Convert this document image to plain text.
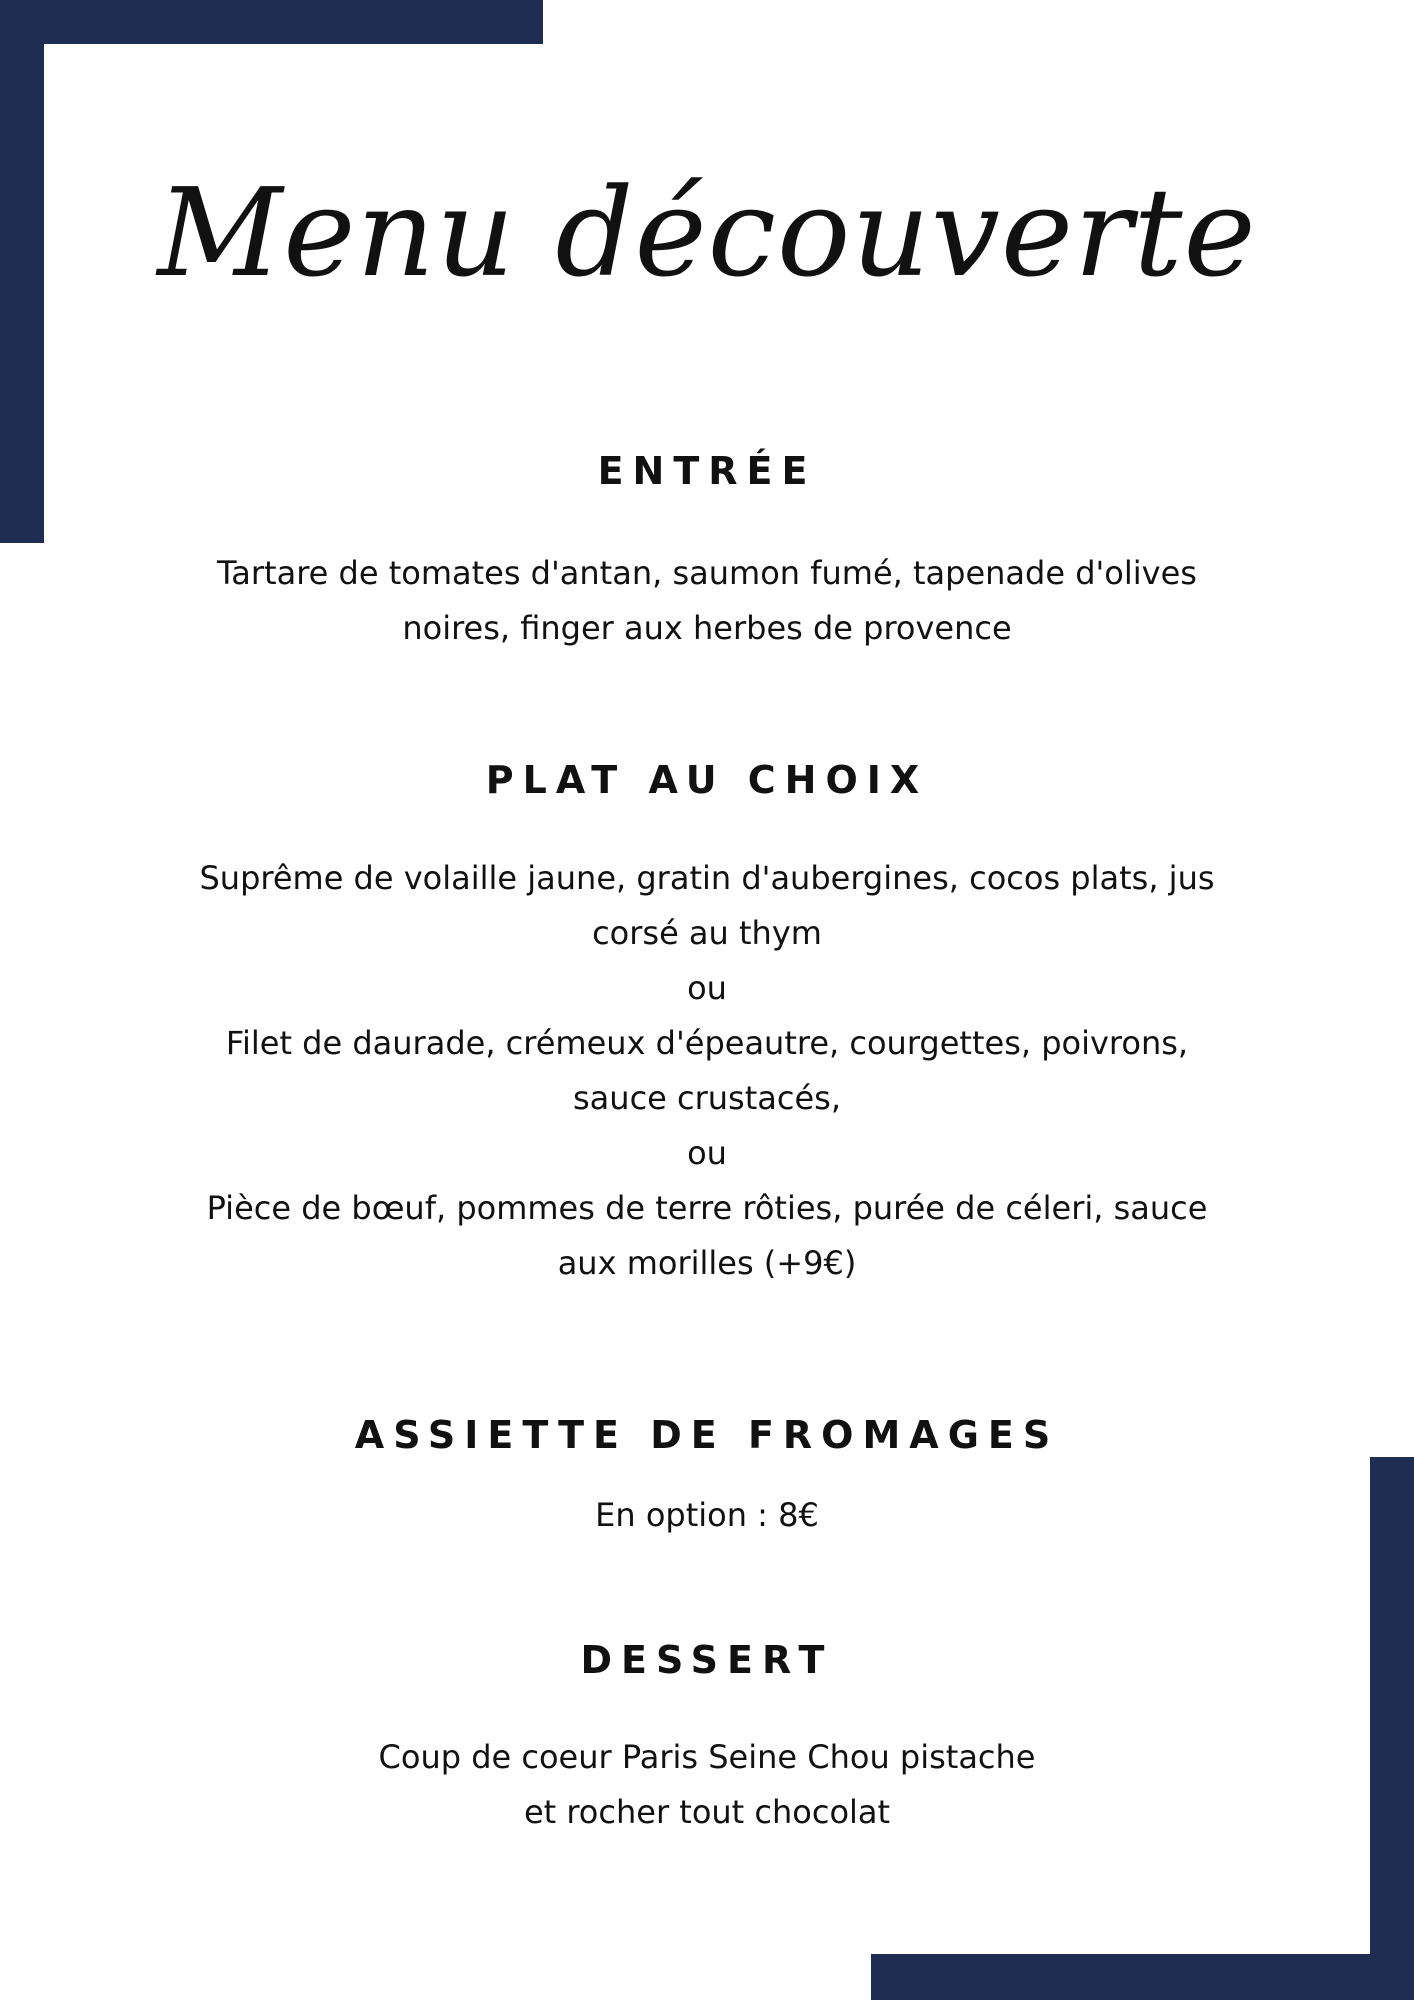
Menu découverte
ENTRÉE
Tartare de tomates d'antan, saumon fumé, tapenade d'olives
noires, finger aux herbes de provence
PLAT AU CHOIX
Suprême de volaille jaune, gratin d'aubergines, cocos plats, jus
corsé au thym
ou
Filet de daurade, crémeux d'épeautre, courgettes, poivrons,
sauce crustacés,
ou
Pièce de bœuf, pommes de terre rôties, purée de céleri, sauce
aux morilles (+9€)
ASSIETTE DE FROMAGES
En option : 8€
DESSERT
Coup de coeur Paris Seine Chou pistache
et rocher tout chocolat
